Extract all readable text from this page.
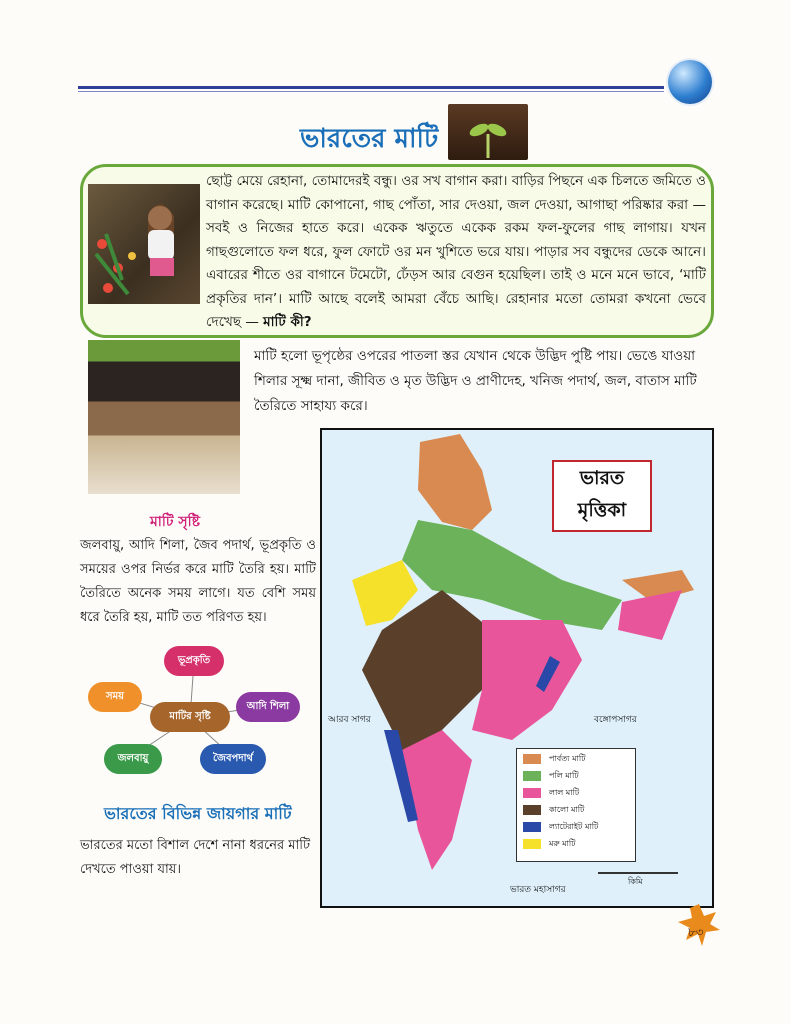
ভারতের মাটি
ছোট্ট মেয়ে রেহানা, তোমাদেরই বন্ধু। ওর সখ বাগান করা। বাড়ির পিছনে এক চিলতে জমিতে ও বাগান করেছে। মাটি কোপানো, গাছ পোঁতা, সার দেওয়া, জল দেওয়া, আগাছা পরিষ্কার করা — সবই ও নিজের হাতে করে। একেক ঋতুতে একেক রকম ফল-ফুলের গাছ লাগায়। যখন গাছগুলোতে ফল ধরে, ফুল ফোটে ওর মন খুশিতে ভরে যায়। পাড়ার সব বন্ধুদের ডেকে আনে। এবারের শীতে ওর বাগানে টমেটো, ঢেঁড়স আর বেগুন হয়েছিল। তাই ও মনে মনে ভাবে, ‘মাটি প্রকৃতির দান’। মাটি আছে বলেই আমরা বেঁচে আছি। রেহানার মতো তোমরা কখনো ভেবে দেখেছ — মাটি কী?
মাটি হলো ভূপৃষ্ঠের ওপরের পাতলা স্তর যেখান থেকে উদ্ভিদ পুষ্টি পায়। ভেঙে যাওয়া শিলার সূক্ষ্ম দানা, জীবিত ও মৃত উদ্ভিদ ও প্রাণীদেহ, খনিজ পদার্থ, জল, বাতাস মাটি তৈরিতে সাহায্য করে।
মাটি সৃষ্টি
জলবায়ু, আদি শিলা, জৈব পদার্থ, ভূপ্রকৃতি ও সময়ের ওপর নির্ভর করে মাটি তৈরি হয়। মাটি তৈরিতে অনেক সময় লাগে। যত বেশি সময় ধরে তৈরি হয়, মাটি তত পরিণত হয়।
মাটির সৃষ্টি
ভূপ্রকৃতি
সময়
আদি শিলা
জলবায়ু	জৈবপদার্থ
ভারতের বিভিন্ন জায়গার মাটি
ভারতের মতো বিশাল দেশে নানা ধরনের মাটি দেখতে পাওয়া যায়।
আরব সাগর	বঙ্গোপসাগর
ভারত মহাসাগর
কিমি
ভারত
মৃত্তিকা
পার্বত্য মাটি
পলি মাটি
লাল মাটি
কালো মাটি
ল্যাটেরাইট মাটি
মরু মাটি
৮৩
